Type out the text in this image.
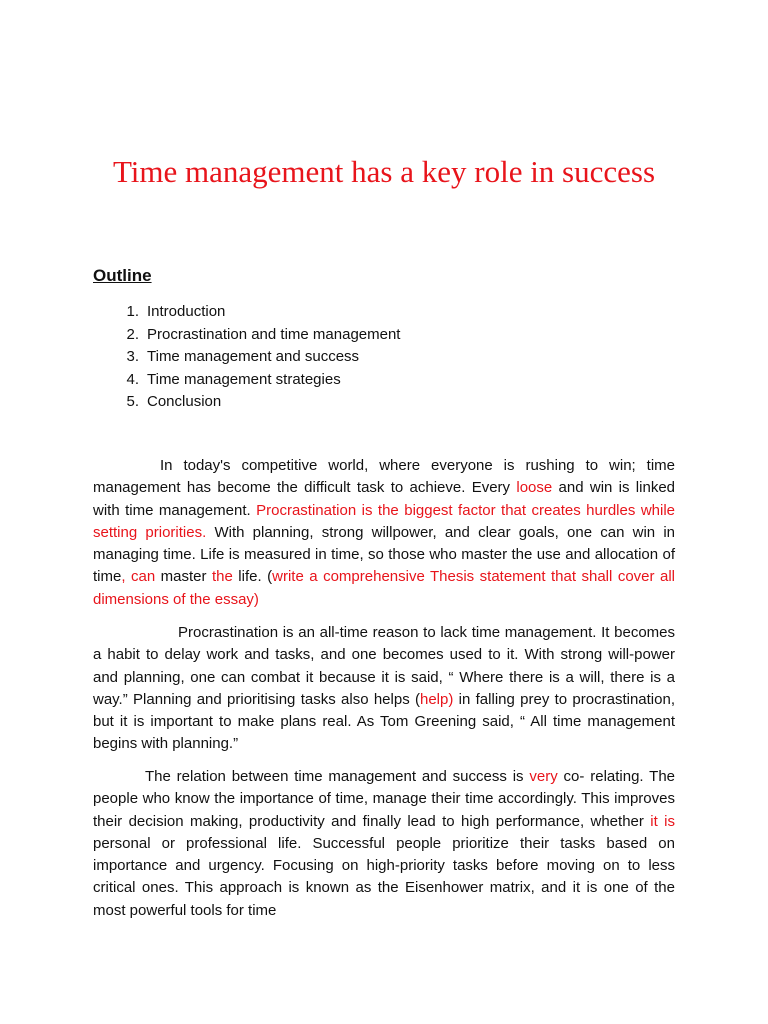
Time management has a key role in success
Outline
1. Introduction
2. Procrastination and time management
3. Time management and success
4. Time management strategies
5. Conclusion

In today's competitive world, where everyone is rushing to win; time management has become the difficult task to achieve. Every loose and win is linked with time management. Procrastination is the biggest factor that creates hurdles while setting priorities. With planning, strong willpower, and clear goals, one can win in managing time. Life is measured in time, so those who master the use and allocation of time, can master the life. (write a comprehensive Thesis statement that shall cover all dimensions of the essay)

Procrastination is an all-time reason to lack time management. It becomes a habit to delay work and tasks, and one becomes used to it. With strong will-power and planning, one can combat it because it is said, “ Where there is a will, there is a way.” Planning and prioritising tasks also helps (help) in falling prey to procrastination, but it is important to make plans real. As Tom Greening said, “ All time management begins with planning.”

The relation between time management and success is very co- relating. The people who know the importance of time, manage their time accordingly. This improves their decision making, productivity and finally lead to high performance, whether it is personal or professional life. Successful people prioritize their tasks based on importance and urgency. Focusing on high-priority tasks before moving on to less critical ones. This approach is known as the Eisenhower matrix, and it is one of the most powerful tools for time
